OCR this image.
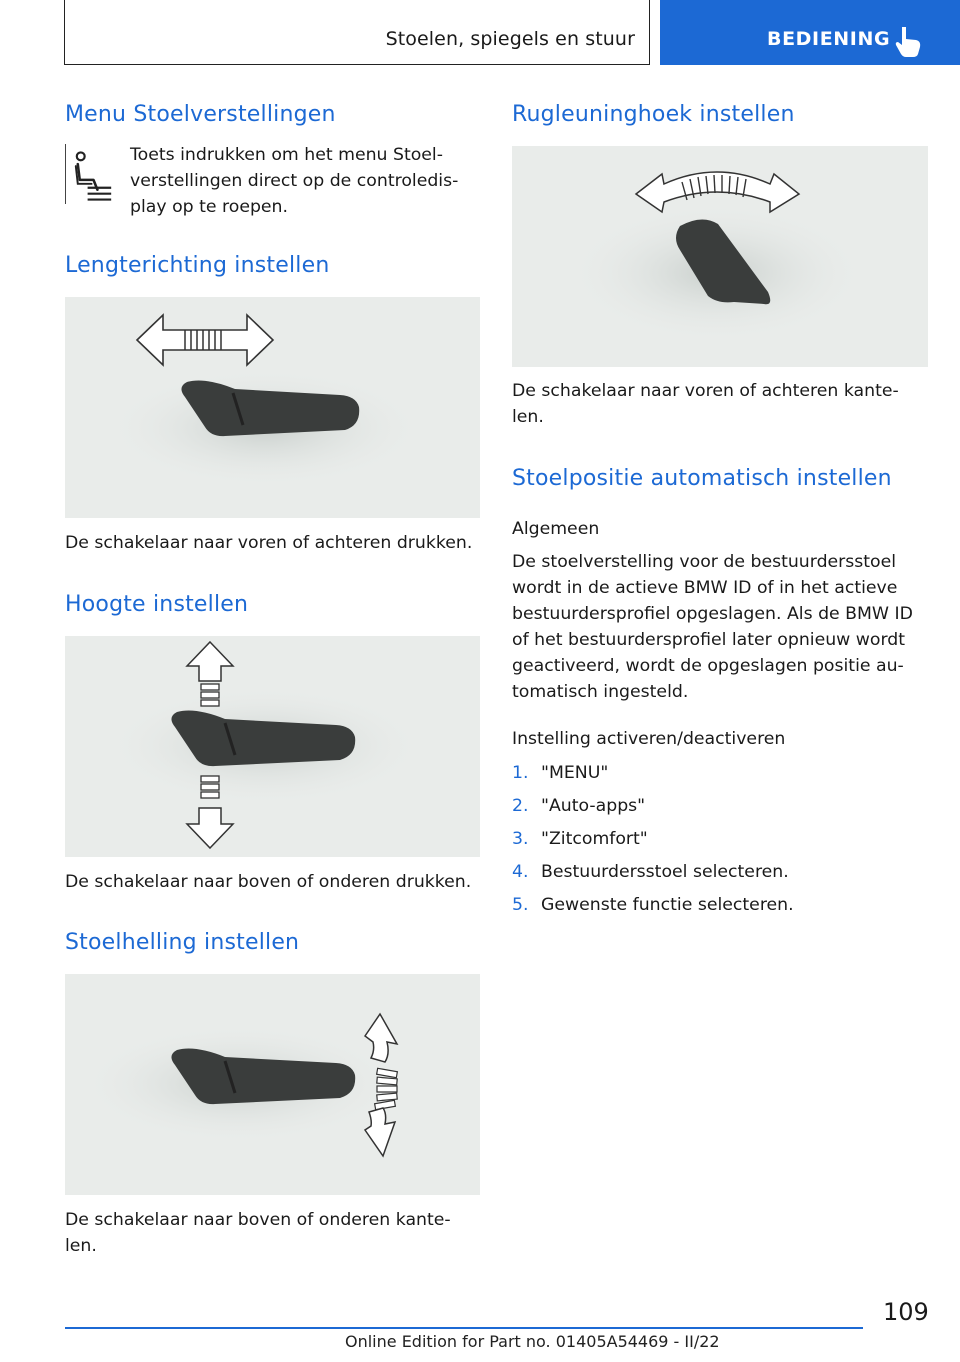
Stoelen, spiegels en stuur	BEDIENING
Menu Stoelverstellingen

Toets indrukken om het menu Stoel-verstellingen direct op de controledis-play op te roepen.

Lengterichting instellen

De schakelaar naar voren of achteren drukken.

Hoogte instellen

De schakelaar naar boven of onderen drukken.

Stoelhelling instellen

De schakelaar naar boven of onderen kante-len.

Rugleuninghoek instellen

De schakelaar naar voren of achteren kante-len.

Stoelpositie automatisch instellen
Algemeen

De stoelverstelling voor de bestuurdersstoel wordt in de actieve BMW ID of in het actieve bestuurdersprofiel opgeslagen. Als de BMW ID of het bestuurdersprofiel later opnieuw wordt geactiveerd, wordt de opgeslagen positie au-tomatisch ingesteld.

Instelling activeren/deactiveren
1. "MENU"
2. "Auto-apps"
3. "Zitcomfort"
4. Bestuurdersstoel selecteren.
5. Gewenste functie selecteren.
109
Online Edition for Part no. 01405A54469 - II/22
